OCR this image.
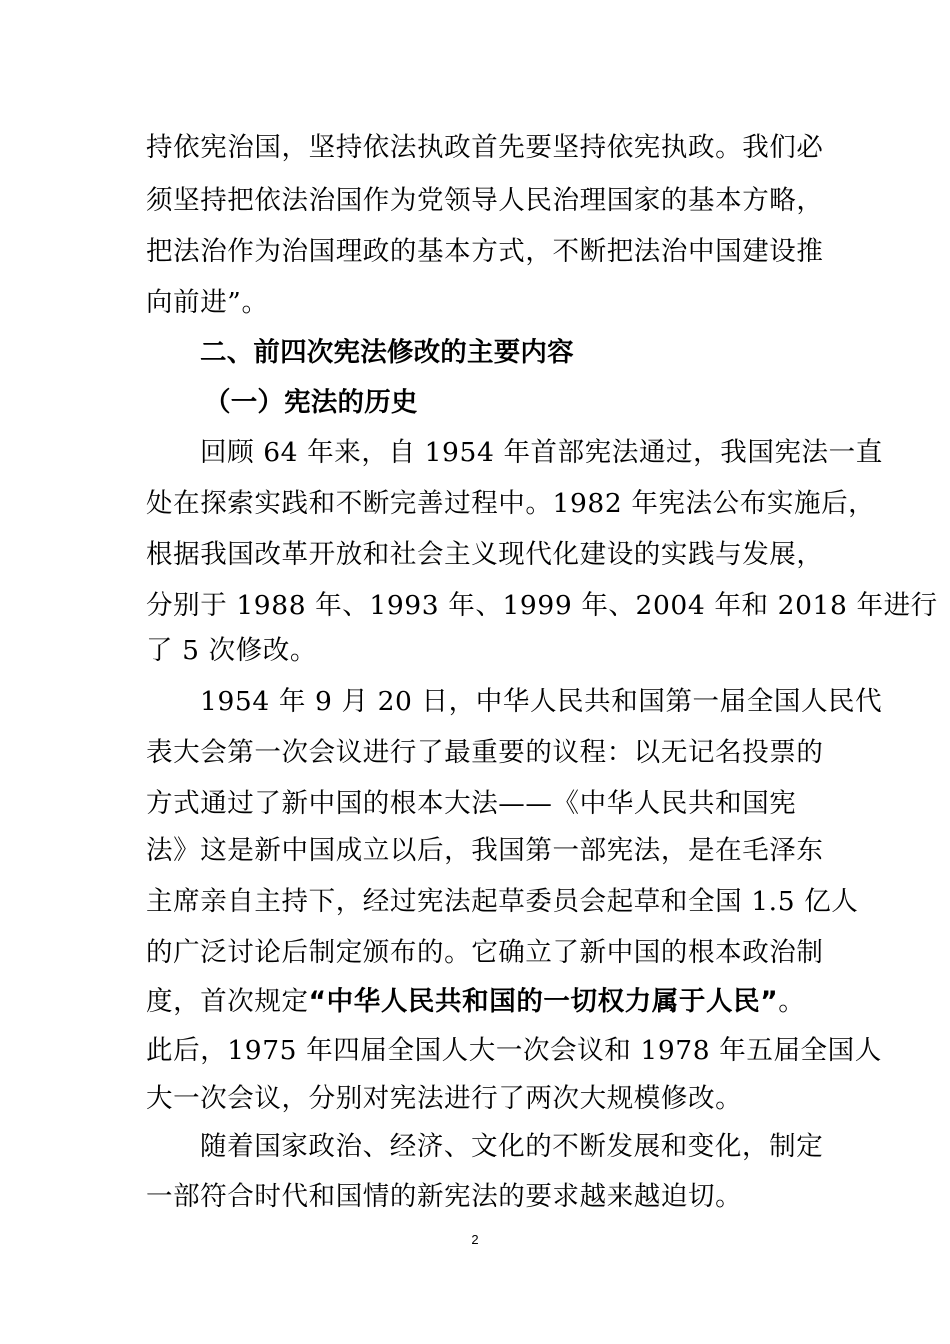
持依宪治国，坚持依法执政首先要坚持依宪执政。我们必
须坚持把依法治国作为党领导人民治理国家的基本方略，
把法治作为治国理政的基本方式，不断把法治中国建设推
向前进”。
二、前四次宪法修改的主要内容
（一）宪法的历史
回顾 64 年来，自 1954 年首部宪法通过，我国宪法一直
处在探索实践和不断完善过程中。1982 年宪法公布实施后，
根据我国改革开放和社会主义现代化建设的实践与发展，
分别于 1988 年、1993 年、1999 年、2004 年和 2018 年进行
了 5 次修改。
1954 年 9 月 20 日，中华人民共和国第一届全国人民代
表大会第一次会议进行了最重要的议程：以无记名投票的
方式通过了新中国的根本大法——《中华人民共和国宪
法》这是新中国成立以后，我国第一部宪法，是在毛泽东
主席亲自主持下，经过宪法起草委员会起草和全国 1.5 亿人
的广泛讨论后制定颁布的。它确立了新中国的根本政治制
度，首次规定“中华人民共和国的一切权力属于人民”。
此后，1975 年四届全国人大一次会议和 1978 年五届全国人
大一次会议，分别对宪法进行了两次大规模修改。
随着国家政治、经济、文化的不断发展和变化，制定
一部符合时代和国情的新宪法的要求越来越迫切。
2
